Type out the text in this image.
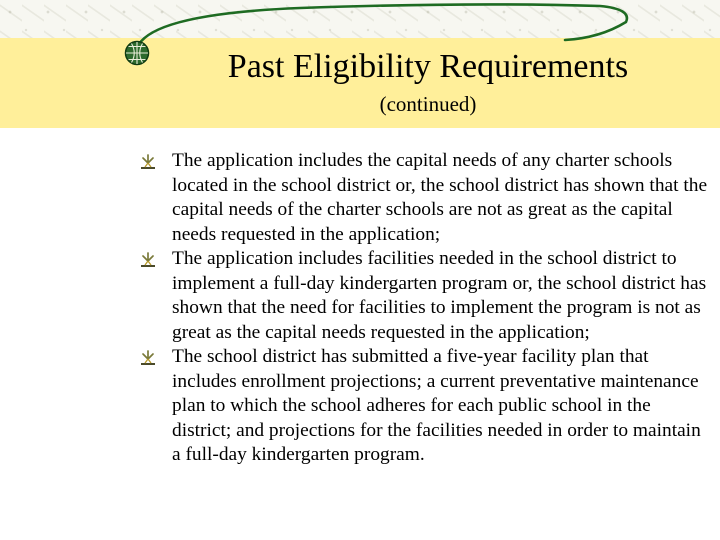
Past Eligibility Requirements
(continued)
The application includes the capital needs of any charter schools located in the school district or, the school district has shown that the capital needs of the charter schools are not as great as the capital needs requested in the application;
The application includes facilities needed in the school district to implement a full-day kindergarten program or, the school district has shown that the need for facilities to implement the program is not as great as the capital needs requested in the application;
The school district has submitted a five-year facility plan that includes enrollment projections; a current preventative maintenance plan to which the school adheres for each public school in the district; and projections for the facilities needed in order to maintain a full-day kindergarten program.
